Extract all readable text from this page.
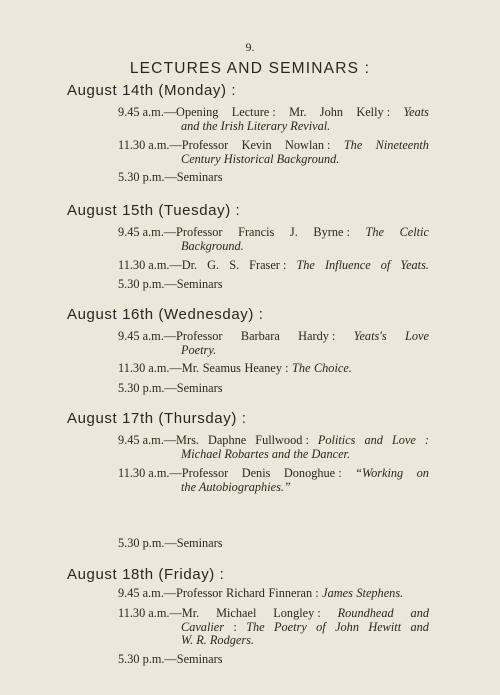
9.
LECTURES AND SEMINARS :
August 14th (Monday) :
9.45 a.m.—Opening Lecture : Mr. John Kelly : Yeats
and the Irish Literary Revival.
11.30 a.m.—Professor Kevin Nowlan : The Nineteenth
Century Historical Background.
5.30 p.m.—Seminars
August 15th (Tuesday) :
9.45 a.m.—Professor Francis J. Byrne : The Celtic
Background.
11.30 a.m.—Dr. G. S. Fraser : The Influence of Yeats.
5.30 p.m.—Seminars
August 16th (Wednesday) :
9.45 a.m.—Professor Barbara Hardy : Yeats's Love
Poetry.
11.30 a.m.—Mr. Seamus Heaney : The Choice.
5.30 p.m.—Seminars
August 17th (Thursday) :
9.45 a.m.—Mrs. Daphne Fullwood : Politics and Love :
Michael Robartes and the Dancer.
11.30 a.m.—Professor Denis Donoghue : “Working on
the Autobiographies.”
5.30 p.m.—Seminars
August 18th (Friday) :
9.45 a.m.—Professor Richard Finneran : James Stephens.
11.30 a.m.—Mr. Michael Longley : Roundhead and
Cavalier : The Poetry of John Hewitt and
W. R. Rodgers.
5.30 p.m.—Seminars
